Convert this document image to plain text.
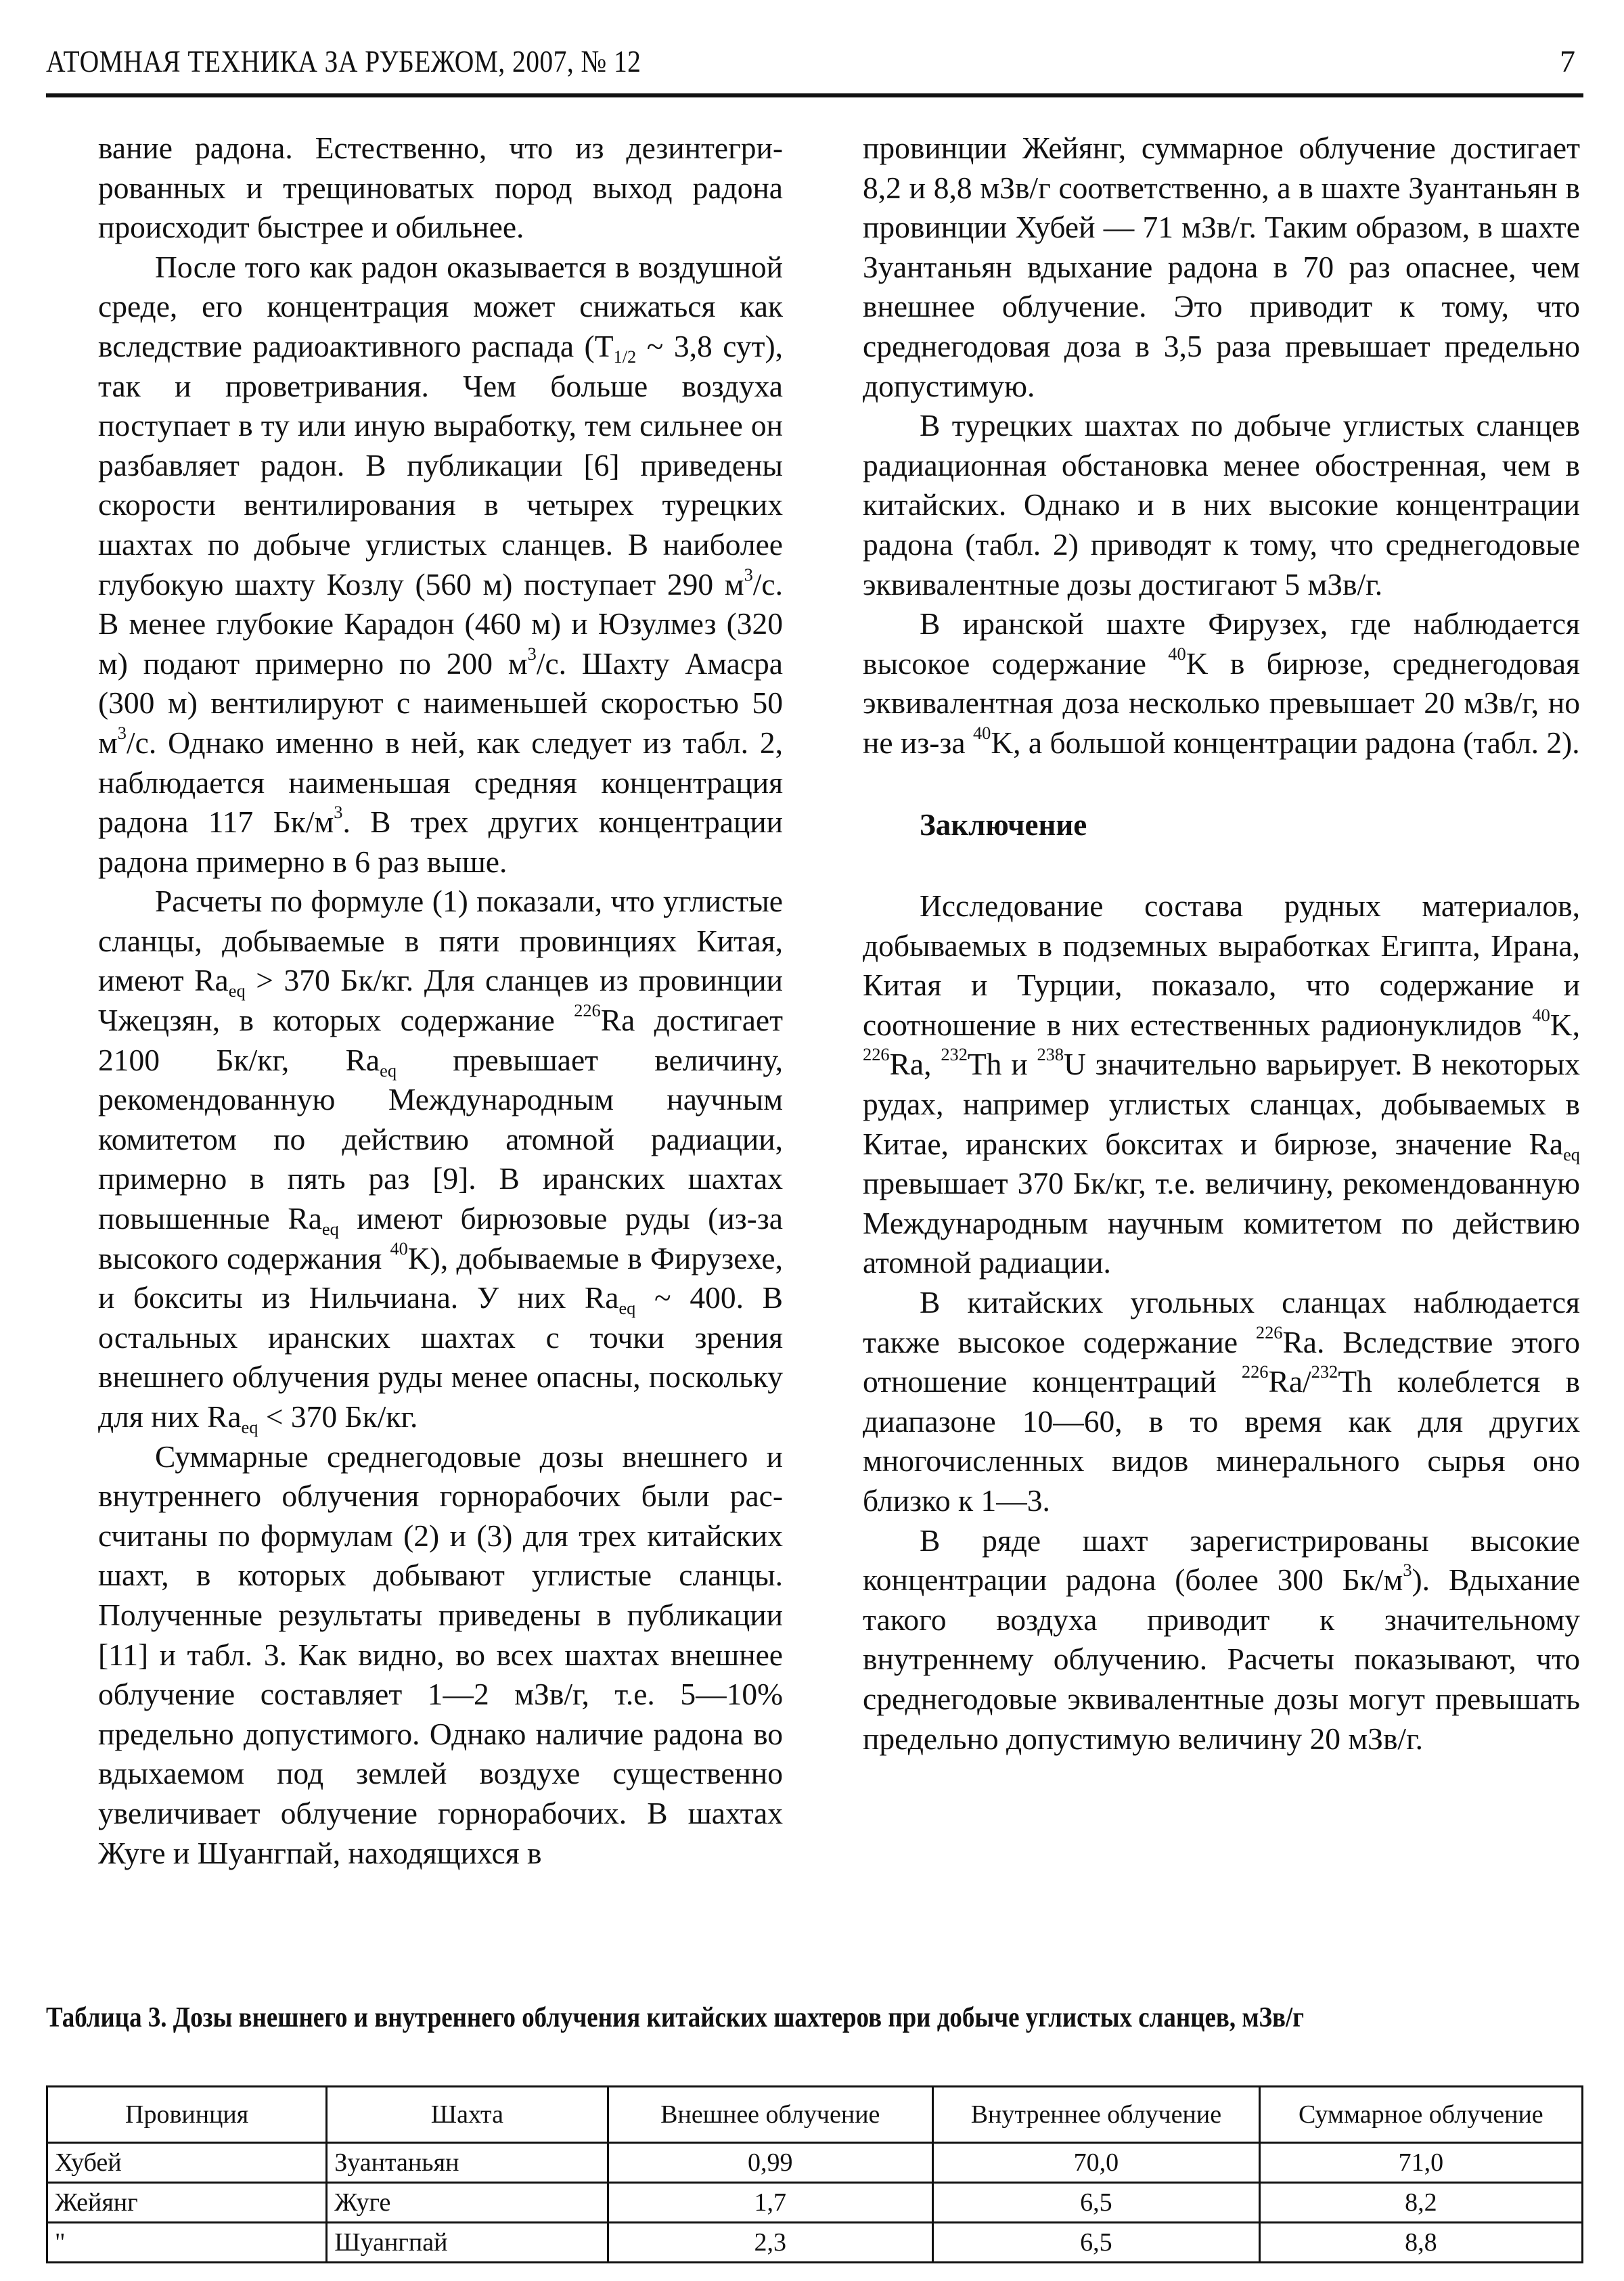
АТОМНАЯ ТЕХНИКА ЗА РУБЕЖОМ, 2007, № 12	7

вание радона. Естественно, что из дезинтегрированных и трещиноватых пород выход радона происходит быстрее и обильнее.

После того как радон оказывается в воздушной среде, его концентрация может снижаться как вследствие радиоактивного распада ($T_{1/2}$ ~ 3,8 сут), так и проветривания. Чем больше воздуха поступает в ту или иную выработку, тем сильнее он разбавляет радон. В публикации [6] приведены скорости вентилирования в четырех турецких шахтах по добыче углистых сланцев. В наиболее глубокую шахту Козлу (560 м) поступает 290 $м^3/с$. В менее глубокие Карадон (460 м) и Юзулмез (320 м) подают примерно по 200 $м^3/с$. Шахту Амасра (300 м) вентилируют с наименьшей скоростью 50 $м^3/с$. Однако именно в ней, как следует из табл. 2, наблюдается наименьшая средняя концентрация радона 117 $Бк/м^3$. В трех других концентрации радона примерно в 6 раз выше.

Расчеты по формуле (1) показали, что углистые сланцы, добываемые в пяти провинциях Китая, имеют $Ra_{eq} > 370$ Бк/кг. Для сланцев из провинции Чжецзян, в которых содержание $^{226}$Ra достигает 2100 Бк/кг, $Ra_{eq}$ превышает величину, рекомендованную Международным научным комитетом по действию атомной радиации, примерно в пять раз [9]. В иранских шахтах повышенные $Ra_{eq}$ имеют бирюзовые руды (из-за высокого содержания $^{40}$K), добываемые в Фирузехе, и бокситы из Нильчиана. У них $Ra_{eq}$ ~ 400. В остальных иранских шахтах с точки зрения внешнего облучения руды менее опасны, поскольку для них $Ra_{eq} < 370$ Бк/кг.

Суммарные среднегодовые дозы внешнего и внутреннего облучения горнорабочих были рассчитаны по формулам (2) и (3) для трех китайских шахт, в которых добывают углистые сланцы. Полученные результаты приведены в публикации [11] и табл. 3. Как видно, во всех шахтах внешнее облучение составляет 1—2 мЗв/г, т.е. 5—10% предельно допустимого. Однако наличие радона во вдыхаемом под землей воздухе существенно увеличивает облучение горнорабочих. В шахтах Жуге и Шуангпай, находящихся в

провинции Жейянг, суммарное облучение достигает 8,2 и 8,8 мЗв/г соответственно, а в шахте Зуантаньян в провинции Хубей — 71 мЗв/г. Таким образом, в шахте Зуантаньян вдыхание радона в 70 раз опаснее, чем внешнее облучение. Это приводит к тому, что среднегодовая доза в 3,5 раза превышает предельно допустимую.

В турецких шахтах по добыче углистых сланцев радиационная обстановка менее обостренная, чем в китайских. Однако и в них высокие концентрации радона (табл. 2) приводят к тому, что среднегодовые эквивалентные дозы достигают 5 мЗв/г.

В иранской шахте Фирузех, где наблюдается высокое содержание $^{40}$K в бирюзе, среднегодовая эквивалентная доза несколько превышает 20 мЗв/г, но не из-за $^{40}$K, а большой концентрации радона (табл. 2).

Заключение

Исследование состава рудных материалов, добываемых в подземных выработках Египта, Ирана, Китая и Турции, показало, что содержание и соотношение в них естественных радионуклидов $^{40}$K, $^{226}$Ra, $^{232}$Th и $^{238}$U значительно варьирует. В некоторых рудах, например углистых сланцах, добываемых в Китае, иранских бокситах и бирюзе, значение $Ra_{eq}$ превышает 370 Бк/кг, т.е. величину, рекомендованную Международным научным комитетом по действию атомной радиации.

В китайских угольных сланцах наблюдается также высокое содержание $^{226}$Ra. Вследствие этого отношение концентраций $^{226}$Ra/$^{232}$Th колеблется в диапазоне 10—60, в то время как для других многочисленных видов минерального сырья оно близко к 1—3.

В ряде шахт зарегистрированы высокие концентрации радона (более 300 $Бк/м^3$). Вдыхание такого воздуха приводит к значительному внутреннему облучению. Расчеты показывают, что среднегодовые эквивалентные дозы могут превышать предельно допустимую величину 20 мЗв/г.

Таблица 3. Дозы внешнего и внутреннего облучения китайских шахтеров при добыче углистых сланцев, мЗв/г
Провинция	Шахта	Внешнее облучение	Внутреннее облучение	Суммарное облучение
Хубей	Зуантаньян	0,99	70,0	71,0
Жейянг	Жуге	1,7	6,5	8,2
"	Шуангпай	2,3	6,5	8,8
